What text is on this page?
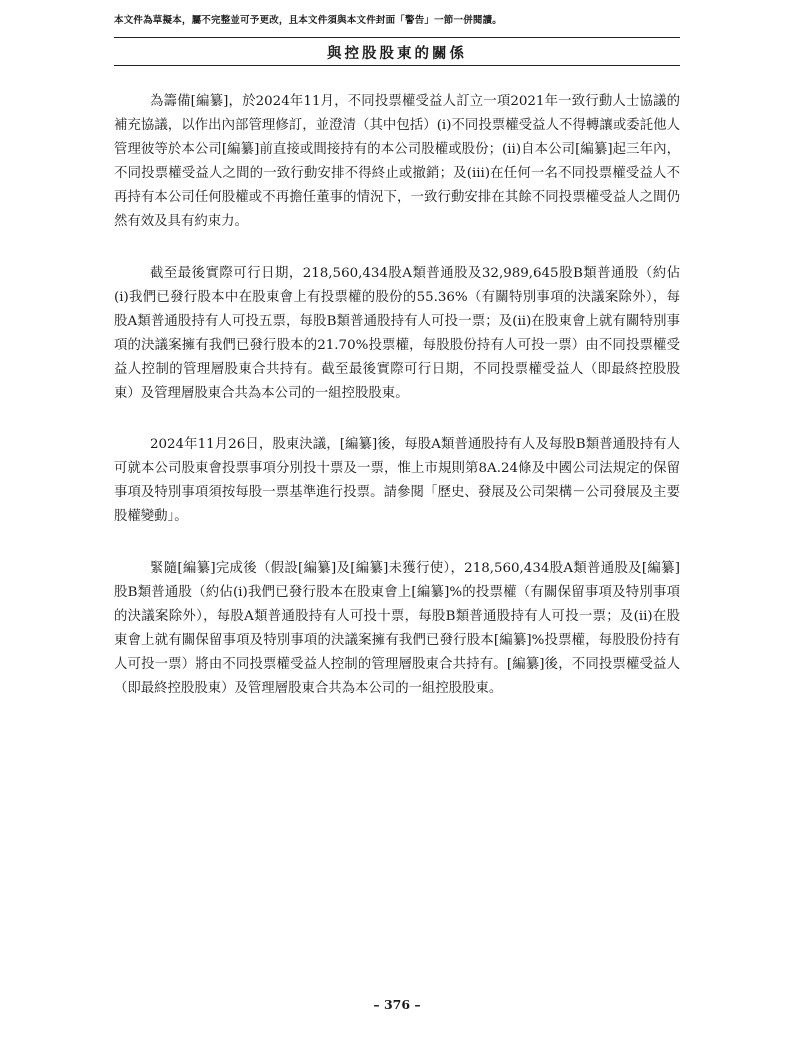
本文件為草擬本，屬不完整並可予更改，且本文件須與本文件封面「警告」一節一併閱讀。
與控股股東的關係

為籌備[編纂]，於2024年11月，不同投票權受益人訂立一項2021年一致行動人士協議的補充協議，以作出內部管理修訂，並澄清（其中包括）(i)不同投票權受益人不得轉讓或委託他人管理彼等於本公司[編纂]前直接或間接持有的本公司股權或股份；(ii)自本公司[編纂]起三年內，不同投票權受益人之間的一致行動安排不得終止或撤銷；及(iii)在任何一名不同投票權受益人不再持有本公司任何股權或不再擔任董事的情況下，一致行動安排在其餘不同投票權受益人之間仍然有效及具有約束力。

截至最後實際可行日期，218,560,434股A類普通股及32,989,645股B類普通股（約佔(i)我們已發行股本中在股東會上有投票權的股份的55.36%（有關特別事項的決議案除外），每股A類普通股持有人可投五票，每股B類普通股持有人可投一票；及(ii)在股東會上就有關特別事項的決議案擁有我們已發行股本的21.70%投票權，每股股份持有人可投一票）由不同投票權受益人控制的管理層股東合共持有。截至最後實際可行日期，不同投票權受益人（即最終控股股東）及管理層股東合共為本公司的一組控股股東。

2024年11月26日，股東決議，[編纂]後，每股A類普通股持有人及每股B類普通股持有人可就本公司股東會投票事項分別投十票及一票，惟上市規則第8A.24條及中國公司法規定的保留事項及特別事項須按每股一票基準進行投票。請參閱「歷史、發展及公司架構－公司發展及主要股權變動」。

緊隨[編纂]完成後（假設[編纂]及[編纂]未獲行使），218,560,434股A類普通股及[編纂]股B類普通股（約佔(i)我們已發行股本在股東會上[編纂]%的投票權（有關保留事項及特別事項的決議案除外），每股A類普通股持有人可投十票，每股B類普通股持有人可投一票；及(ii)在股東會上就有關保留事項及特別事項的決議案擁有我們已發行股本[編纂]%投票權，每股股份持有人可投一票）將由不同投票權受益人控制的管理層股東合共持有。[編纂]後，不同投票權受益人（即最終控股股東）及管理層股東合共為本公司的一組控股股東。

– 376 –
